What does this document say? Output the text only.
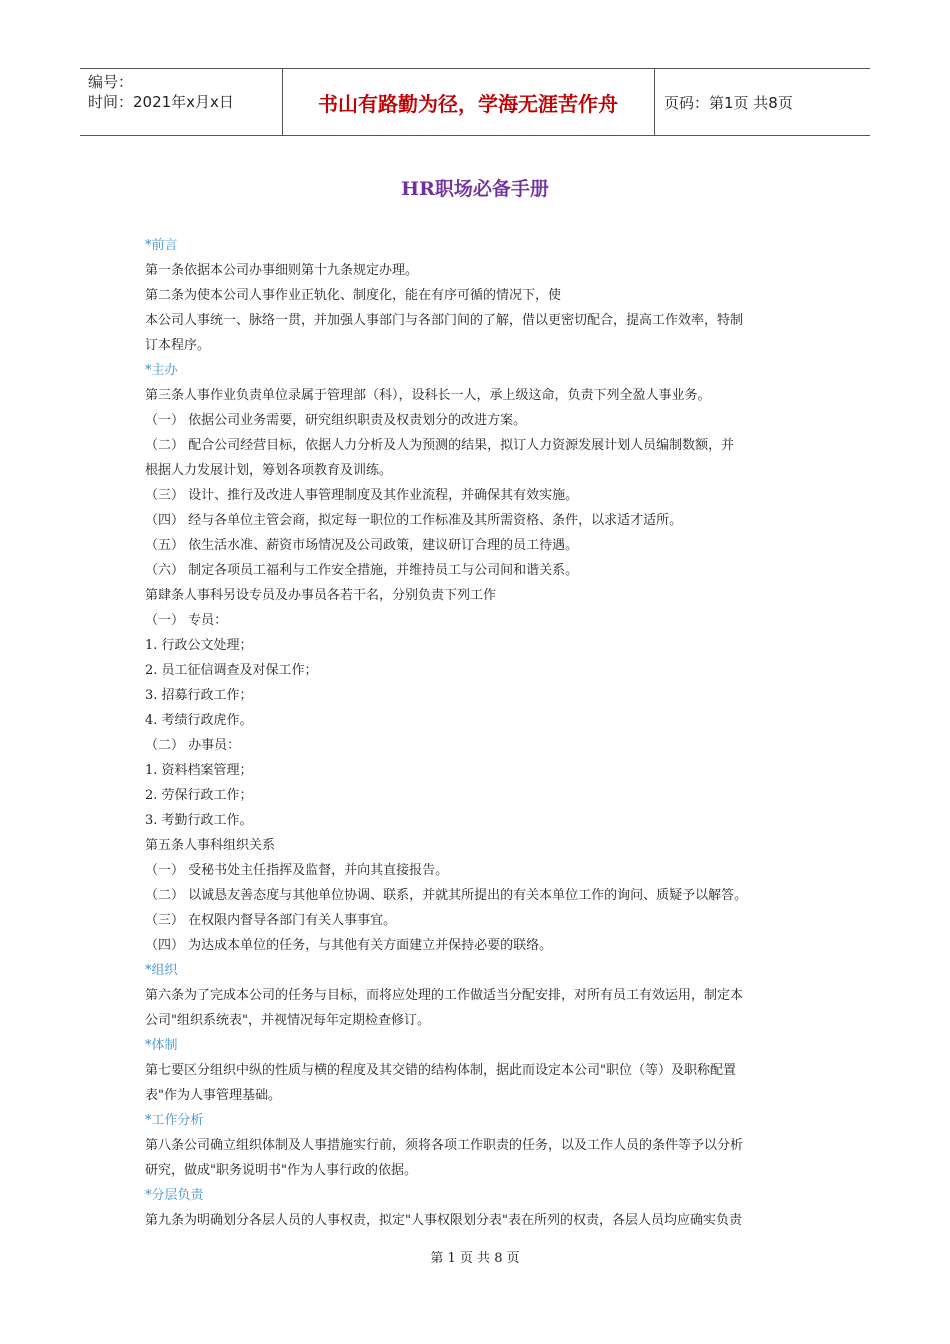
编号：
时间：2021年x月x日	书山有路勤为径，学海无涯苦作舟	页码：第1页 共8页
HR职场必备手册
*前言
第一条依据本公司办事细则第十九条规定办理。
第二条为使本公司人事作业正轨化、制度化，能在有序可循的情况下，使
本公司人事统一、脉络一贯，并加强人事部门与各部门间的了解，借以更密切配合，提高工作效率，特制
订本程序。
*主办
第三条人事作业负责单位录属于管理部（科），设科长一人，承上级这命，负责下列全盈人事业务。
（一） 依据公司业务需要，研究组织职责及权责划分的改进方案。
（二） 配合公司经营目标，依据人力分析及人为预测的结果，拟订人力资源发展计划人员编制数额，并
根据人力发展计划，筹划各项教育及训练。
（三） 设计、推行及改进人事管理制度及其作业流程，并确保其有效实施。
（四） 经与各单位主管会商，拟定每一职位的工作标准及其所需资格、条件，以求适才适所。
（五） 依生活水准、薪资市场情况及公司政策，建议研订合理的员工待遇。
（六） 制定各项员工福利与工作安全措施，并维持员工与公司间和谐关系。
第肆条人事科另设专员及办事员各若干名，分别负责下列工作
（一） 专员：
1. 行政公文处理；
2. 员工征信调查及对保工作；
3. 招募行政工作；
4. 考绩行政虎作。
（二） 办事员：
1. 资料档案管理；
2. 劳保行政工作；
3. 考勤行政工作。
第五条人事科组织关系
（一） 受秘书处主任指挥及监督，并向其直接报告。
（二） 以诚恳友善态度与其他单位协调、联系，并就其所提出的有关本单位工作的询问、质疑予以解答。
（三） 在权限内督导各部门有关人事事宜。
（四） 为达成本单位的任务，与其他有关方面建立并保持必要的联络。
*组织
第六条为了完成本公司的任务与目标，而将应处理的工作做适当分配安排，对所有员工有效运用，制定本
公司"组织系统表"，并视情况每年定期检查修订。
*体制
第七要区分组织中纵的性质与横的程度及其交错的结构体制，据此而设定本公司"职位（等）及职称配置
表"作为人事管理基础。
*工作分析
第八条公司确立组织体制及人事措施实行前，须将各项工作职责的任务，以及工作人员的条件等予以分析
研究，做成"职务说明书"作为人事行政的依据。
*分层负责
第九条为明确划分各层人员的人事权责，拟定"人事权限划分表"表在所列的权责，各层人员均应确实负责
第 1 页 共 8 页
